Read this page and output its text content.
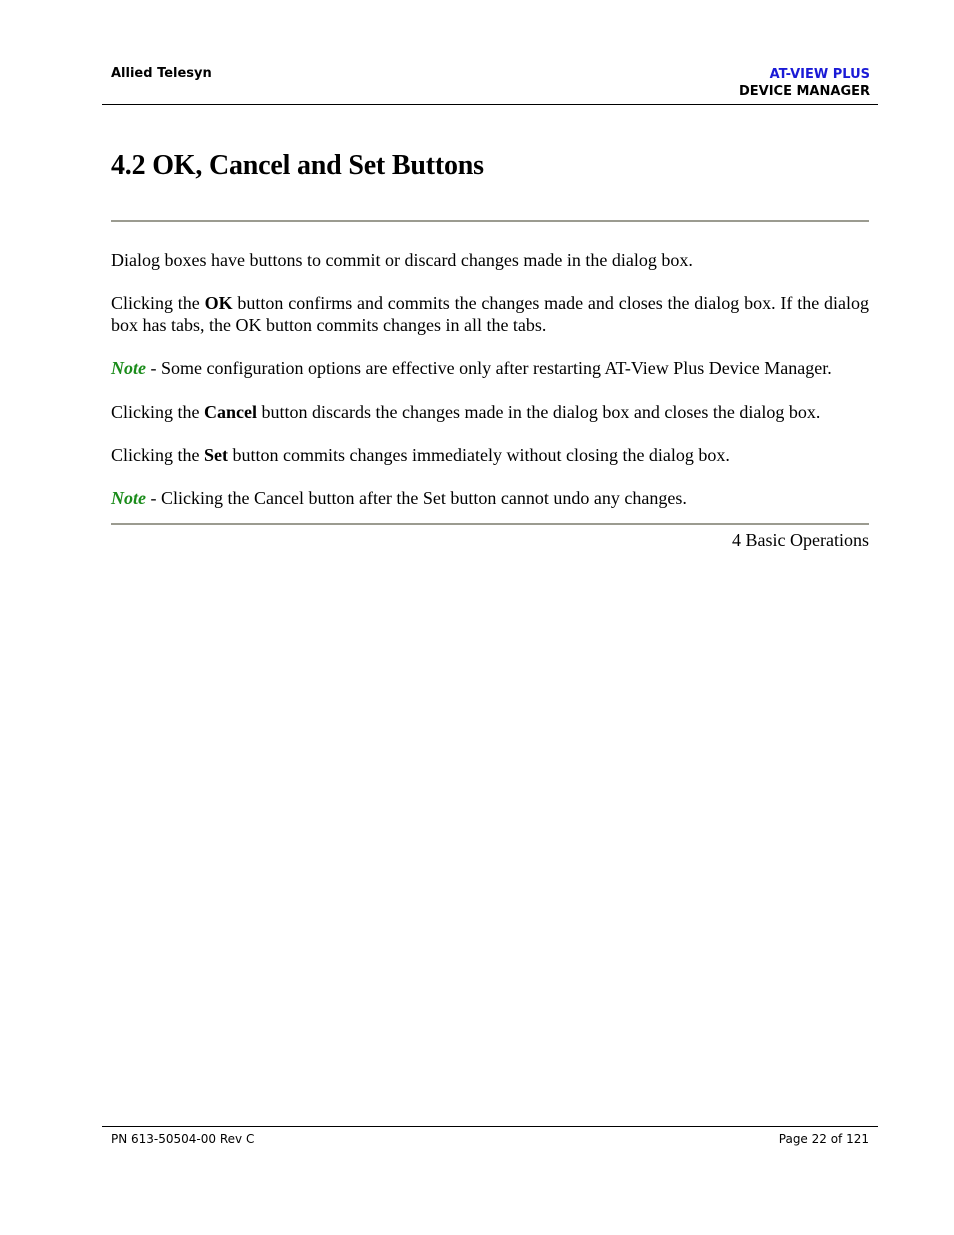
Allied Telesyn	AT-VIEW PLUS
DEVICE MANAGER
4.2 OK, Cancel and Set Buttons

Dialog boxes have buttons to commit or discard changes made in the dialog box.

Clicking the OK button confirms and commits the changes made and closes the dialog box. If the dialog box has tabs, the OK button commits changes in all the tabs.

Note - Some configuration options are effective only after restarting AT-View Plus Device Manager.

Clicking the Cancel button discards the changes made in the dialog box and closes the dialog box.

Clicking the Set button commits changes immediately without closing the dialog box.

Note - Clicking the Cancel button after the Set button cannot undo any changes.

4 Basic Operations
PN 613-50504-00 Rev C	Page 22 of 121
